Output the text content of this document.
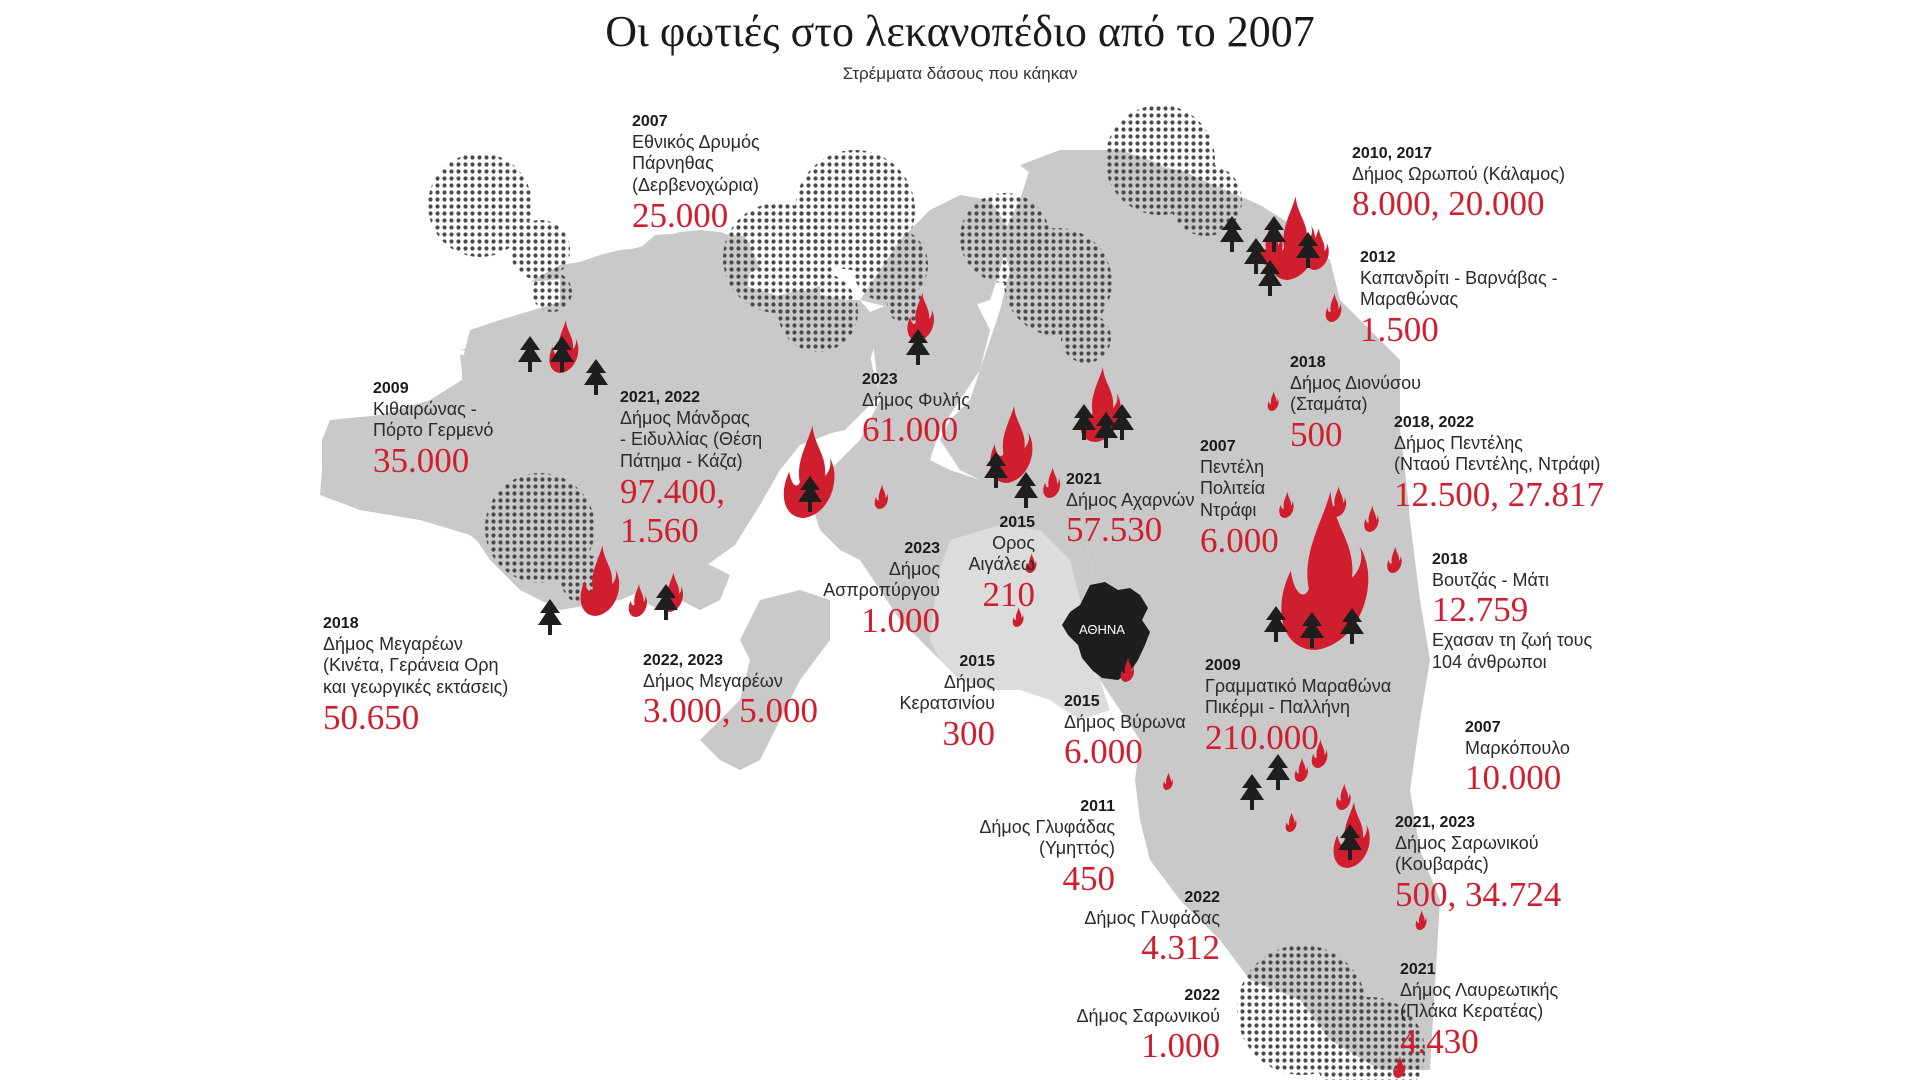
Οι φωτιές στο λεκανοπέδιο από το 2007
Στρέμματα δάσους που κάηκαν
ΑΘΗΝΑ
2009
Κιθαιρώνας -
Πόρτο Γερμενό
35.000
2018
Δήμος Μεγαρέων
(Κινέτα, Γεράνεια Ορη
και γεωργικές εκτάσεις)
50.650
2007
Εθνικός Δρυμός
Πάρνηθας
(Δερβενοχώρια)
25.000
2021, 2022
Δήμος Μάνδρας
- Ειδυλλίας (Θέση
Πάτημα - Κάζα)
97.400,
1.560
2023
Δήμος Φυλής
61.000
2022, 2023
Δήμος Μεγαρέων
3.000, 5.000
2023
Δήμος
Ασπροπύργου
1.000
2015
Ορος
Αιγάλεω
210
2015
Δήμος
Κερατσινίου
300
2021
Δήμος Αχαρνών
57.530
2015
Δήμος Βύρωνα
6.000
2011
Δήμος Γλυφάδας
(Υμηττός)
450	2022
Δήμος Γλυφάδας
4.312
2022
Δήμος Σαρωνικού
1.000
2010, 2017
Δήμος Ωρωπού (Κάλαμος)
8.000, 20.000
2012
Καπανδρίτι - Βαρνάβας -
Μαραθώνας
1.500
2018
Δήμος Διονύσου
(Σταμάτα)
500
2007
Πεντέλη
Πολιτεία
Ντράφι
6.000
2018, 2022
Δήμος Πεντέλης
(Νταού Πεντέλης, Ντράφι)
12.500, 27.817
2018
Βουτζάς - Μάτι
12.759
Εχασαν τη ζωή τους
104 άνθρωποι
2009
Γραμματικό Μαραθώνα
Πικέρμι - Παλλήνη
210.000	2007
Μαρκόπουλο
10.000
2021, 2023
Δήμος Σαρωνικού
(Κουβαράς)
500, 34.724
2021
Δήμος Λαυρεωτικής
(Πλάκα Κερατέας)
4.430
